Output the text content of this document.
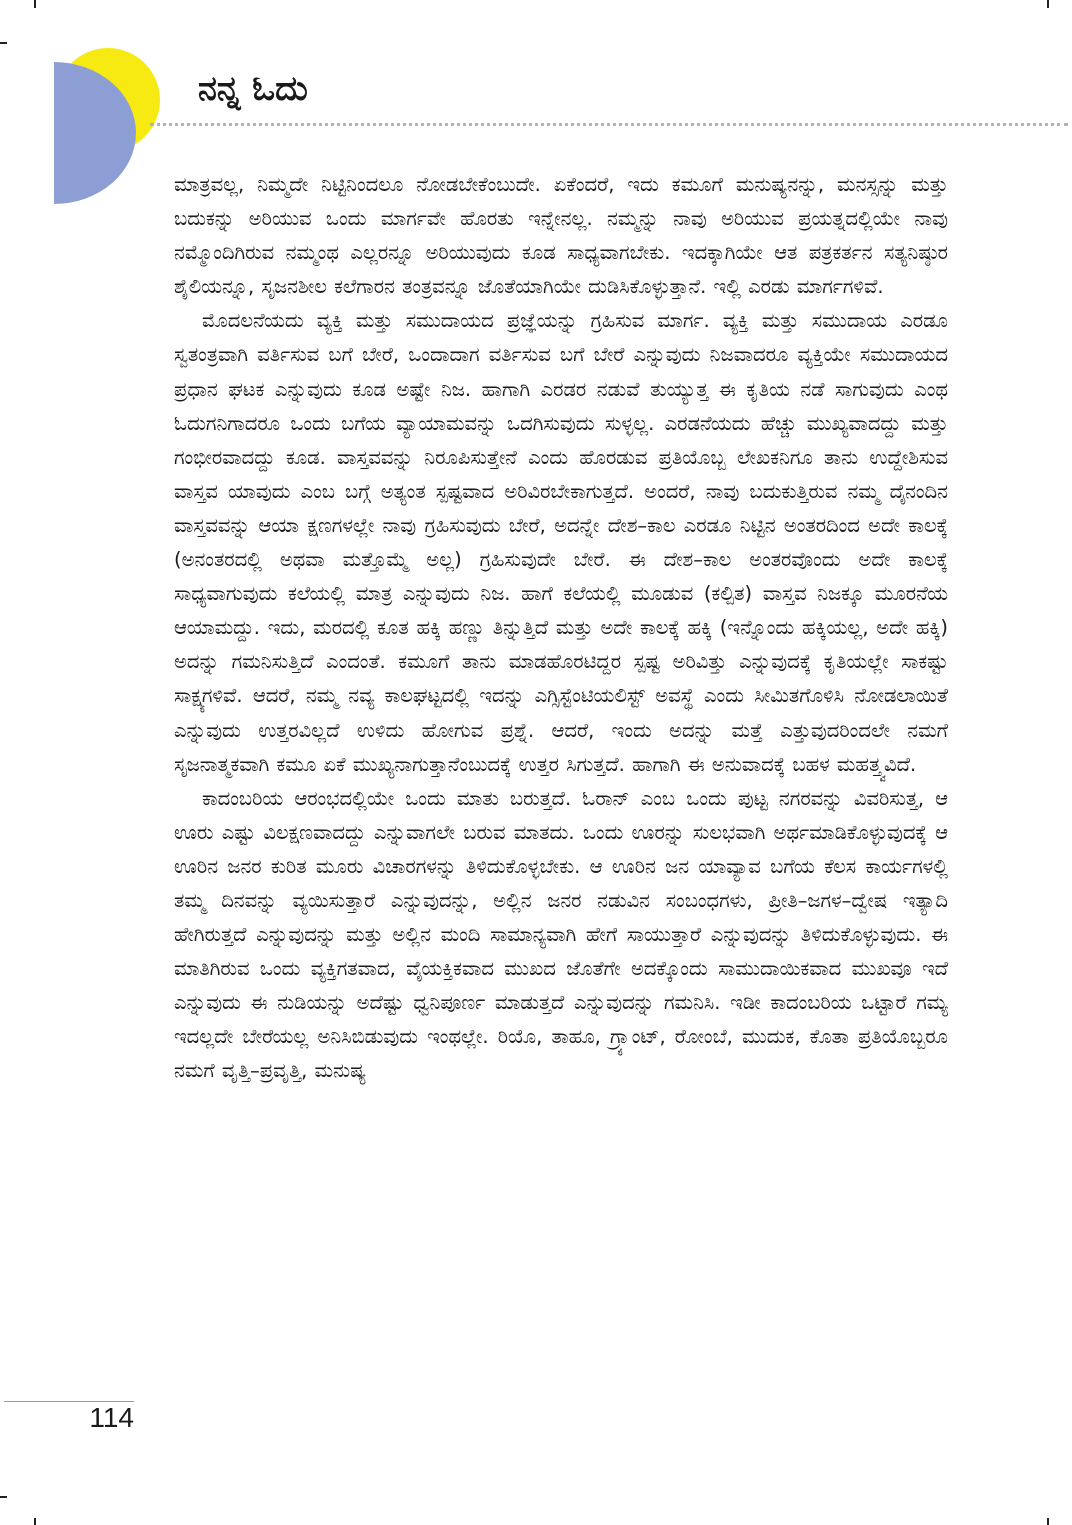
ನನ್ನ ಓದು

ಮಾತ್ರವಲ್ಲ, ನಿಮ್ಮದೇ ನಿಟ್ಟಿನಿಂದಲೂ ನೋಡಬೇಕೆಂಬುದೇ. ಏಕೆಂದರೆ, ಇದು ಕಮೂಗೆ ಮನುಷ್ಯನನ್ನು, ಮನಸ್ಸನ್ನು ಮತ್ತು ಬದುಕನ್ನು ಅರಿಯುವ ಒಂದು ಮಾರ್ಗವೇ ಹೊರತು ಇನ್ನೇನಲ್ಲ. ನಮ್ಮನ್ನು ನಾವು ಅರಿಯುವ ಪ್ರಯತ್ನದಲ್ಲಿಯೇ ನಾವು ನಮ್ಮೊಂದಿಗಿರುವ ನಮ್ಮಂಥ ಎಲ್ಲರನ್ನೂ ಅರಿಯುವುದು ಕೂಡ ಸಾಧ್ಯವಾಗಬೇಕು. ಇದಕ್ಕಾಗಿಯೇ ಆತ ಪತ್ರಕರ್ತನ ಸತ್ಯನಿಷ್ಠುರ ಶೈಲಿಯನ್ನೂ, ಸೃಜನಶೀಲ ಕಲೆಗಾರನ ತಂತ್ರವನ್ನೂ ಜೊತೆಯಾಗಿಯೇ ದುಡಿಸಿಕೊಳ್ಳುತ್ತಾನೆ. ಇಲ್ಲಿ ಎರಡು ಮಾರ್ಗಗಳಿವೆ.

ಮೊದಲನೆಯದು ವ್ಯಕ್ತಿ ಮತ್ತು ಸಮುದಾಯದ ಪ್ರಜ್ಞೆಯನ್ನು ಗ್ರಹಿಸುವ ಮಾರ್ಗ. ವ್ಯಕ್ತಿ ಮತ್ತು ಸಮುದಾಯ ಎರಡೂ ಸ್ವತಂತ್ರವಾಗಿ ವರ್ತಿಸುವ ಬಗೆ ಬೇರೆ, ಒಂದಾದಾಗ ವರ್ತಿಸುವ ಬಗೆ ಬೇರೆ ಎನ್ನುವುದು ನಿಜವಾದರೂ ವ್ಯಕ್ತಿಯೇ ಸಮುದಾಯದ ಪ್ರಧಾನ ಘಟಕ ಎನ್ನುವುದು ಕೂಡ ಅಷ್ಟೇ ನಿಜ. ಹಾಗಾಗಿ ಎರಡರ ನಡುವೆ ತುಯ್ಯುತ್ತ ಈ ಕೃತಿಯ ನಡೆ ಸಾಗುವುದು ಎಂಥ ಓದುಗನಿಗಾದರೂ ಒಂದು ಬಗೆಯ ವ್ಯಾಯಾಮವನ್ನು ಒದಗಿಸುವುದು ಸುಳ್ಳಲ್ಲ. ಎರಡನೆಯದು ಹೆಚ್ಚು ಮುಖ್ಯವಾದದ್ದು ಮತ್ತು ಗಂಭೀರವಾದದ್ದು ಕೂಡ. ವಾಸ್ತವವನ್ನು ನಿರೂಪಿಸುತ್ತೇನೆ ಎಂದು ಹೊರಡುವ ಪ್ರತಿಯೊಬ್ಬ ಲೇಖಕನಿಗೂ ತಾನು ಉದ್ದೇಶಿಸುವ ವಾಸ್ತವ ಯಾವುದು ಎಂಬ ಬಗ್ಗೆ ಅತ್ಯಂತ ಸ್ಪಷ್ಟವಾದ ಅರಿವಿರಬೇಕಾಗುತ್ತದೆ. ಅಂದರೆ, ನಾವು ಬದುಕುತ್ತಿರುವ ನಮ್ಮ ದೈನಂದಿನ ವಾಸ್ತವವನ್ನು ಆಯಾ ಕ್ಷಣಗಳಲ್ಲೇ ನಾವು ಗ್ರಹಿಸುವುದು ಬೇರೆ, ಅದನ್ನೇ ದೇಶ–ಕಾಲ ಎರಡೂ ನಿಟ್ಟಿನ ಅಂತರದಿಂದ ಅದೇ ಕಾಲಕ್ಕೆ (ಅನಂತರದಲ್ಲಿ ಅಥವಾ ಮತ್ತೊಮ್ಮೆ ಅಲ್ಲ) ಗ್ರಹಿಸುವುದೇ ಬೇರೆ. ಈ ದೇಶ–ಕಾಲ ಅಂತರವೊಂದು ಅದೇ ಕಾಲಕ್ಕೆ ಸಾಧ್ಯವಾಗುವುದು ಕಲೆಯಲ್ಲಿ ಮಾತ್ರ ಎನ್ನುವುದು ನಿಜ. ಹಾಗೆ ಕಲೆಯಲ್ಲಿ ಮೂಡುವ (ಕಲ್ಪಿತ) ವಾಸ್ತವ ನಿಜಕ್ಕೂ ಮೂರನೆಯ ಆಯಾಮದ್ದು. ಇದು, ಮರದಲ್ಲಿ ಕೂತ ಹಕ್ಕಿ ಹಣ್ಣು ತಿನ್ನುತ್ತಿದೆ ಮತ್ತು ಅದೇ ಕಾಲಕ್ಕೆ ಹಕ್ಕಿ (ಇನ್ನೊಂದು ಹಕ್ಕಿಯಲ್ಲ, ಅದೇ ಹಕ್ಕಿ) ಅದನ್ನು ಗಮನಿಸುತ್ತಿದೆ ಎಂದಂತೆ. ಕಮೂಗೆ ತಾನು ಮಾಡಹೊರಟಿದ್ದರ ಸ್ಪಷ್ಟ ಅರಿವಿತ್ತು ಎನ್ನುವುದಕ್ಕೆ ಕೃತಿಯಲ್ಲೇ ಸಾಕಷ್ಟು ಸಾಕ್ಷ್ಯಗಳಿವೆ. ಆದರೆ, ನಮ್ಮ ನವ್ಯ ಕಾಲಘಟ್ಟದಲ್ಲಿ ಇದನ್ನು ಎಗ್ಸಿಸ್ಟೆಂಟಿಯಲಿಸ್ಟ್ ಅವಸ್ಥೆ ಎಂದು ಸೀಮಿತಗೊಳಿಸಿ ನೋಡಲಾಯಿತೆ ಎನ್ನುವುದು ಉತ್ತರವಿಲ್ಲದೆ ಉಳಿದು ಹೋಗುವ ಪ್ರಶ್ನೆ. ಆದರೆ, ಇಂದು ಅದನ್ನು ಮತ್ತೆ ಎತ್ತುವುದರಿಂದಲೇ ನಮಗೆ ಸೃಜನಾತ್ಮಕವಾಗಿ ಕಮೂ ಏಕೆ ಮುಖ್ಯನಾಗುತ್ತಾನೆಂಬುದಕ್ಕೆ ಉತ್ತರ ಸಿಗುತ್ತದೆ. ಹಾಗಾಗಿ ಈ ಅನುವಾದಕ್ಕೆ ಬಹಳ ಮಹತ್ತ್ವವಿದೆ.

ಕಾದಂಬರಿಯ ಆರಂಭದಲ್ಲಿಯೇ ಒಂದು ಮಾತು ಬರುತ್ತದೆ. ಓರಾನ್ ಎಂಬ ಒಂದು ಪುಟ್ಟ ನಗರವನ್ನು ವಿವರಿಸುತ್ತ, ಆ ಊರು ಎಷ್ಟು ವಿಲಕ್ಷಣವಾದದ್ದು ಎನ್ನುವಾಗಲೇ ಬರುವ ಮಾತದು. ಒಂದು ಊರನ್ನು ಸುಲಭವಾಗಿ ಅರ್ಥಮಾಡಿಕೊಳ್ಳುವುದಕ್ಕೆ ಆ ಊರಿನ ಜನರ ಕುರಿತ ಮೂರು ವಿಚಾರಗಳನ್ನು ತಿಳಿದುಕೊಳ್ಳಬೇಕು. ಆ ಊರಿನ ಜನ ಯಾವ್ಯಾವ ಬಗೆಯ ಕೆಲಸ ಕಾರ್ಯಗಳಲ್ಲಿ ತಮ್ಮ ದಿನವನ್ನು ವ್ಯಯಿಸುತ್ತಾರೆ ಎನ್ನುವುದನ್ನು, ಅಲ್ಲಿನ ಜನರ ನಡುವಿನ ಸಂಬಂಧಗಳು, ಪ್ರೀತಿ–ಜಗಳ–ದ್ವೇಷ ಇತ್ಯಾದಿ ಹೇಗಿರುತ್ತದೆ ಎನ್ನುವುದನ್ನು ಮತ್ತು ಅಲ್ಲಿನ ಮಂದಿ ಸಾಮಾನ್ಯವಾಗಿ ಹೇಗೆ ಸಾಯುತ್ತಾರೆ ಎನ್ನುವುದನ್ನು ತಿಳಿದುಕೊಳ್ಳುವುದು. ಈ ಮಾತಿಗಿರುವ ಒಂದು ವ್ಯಕ್ತಿಗತವಾದ, ವೈಯಕ್ತಿಕವಾದ ಮುಖದ ಜೊತೆಗೇ ಅದಕ್ಕೊಂದು ಸಾಮುದಾಯಿಕವಾದ ಮುಖವೂ ಇದೆ ಎನ್ನುವುದು ಈ ನುಡಿಯನ್ನು ಅದೆಷ್ಟು ಧ್ವನಿಪೂರ್ಣ ಮಾಡುತ್ತದೆ ಎನ್ನುವುದನ್ನು ಗಮನಿಸಿ. ಇಡೀ ಕಾದಂಬರಿಯ ಒಟ್ಟಾರೆ ಗಮ್ಯ ಇದಲ್ಲದೇ ಬೇರೆಯಲ್ಲ ಅನಿಸಿಬಿಡುವುದು ಇಂಥಲ್ಲೇ. ರಿಯೊ, ತಾಹೂ, ಗ್ರ್ಯಾಂಟ್, ರೋಂಬೆ, ಮುದುಕ, ಕೊತಾ ಪ್ರತಿಯೊಬ್ಬರೂ ನಮಗೆ ವೃತ್ತಿ–ಪ್ರವೃತ್ತಿ, ಮನುಷ್ಯ

114
